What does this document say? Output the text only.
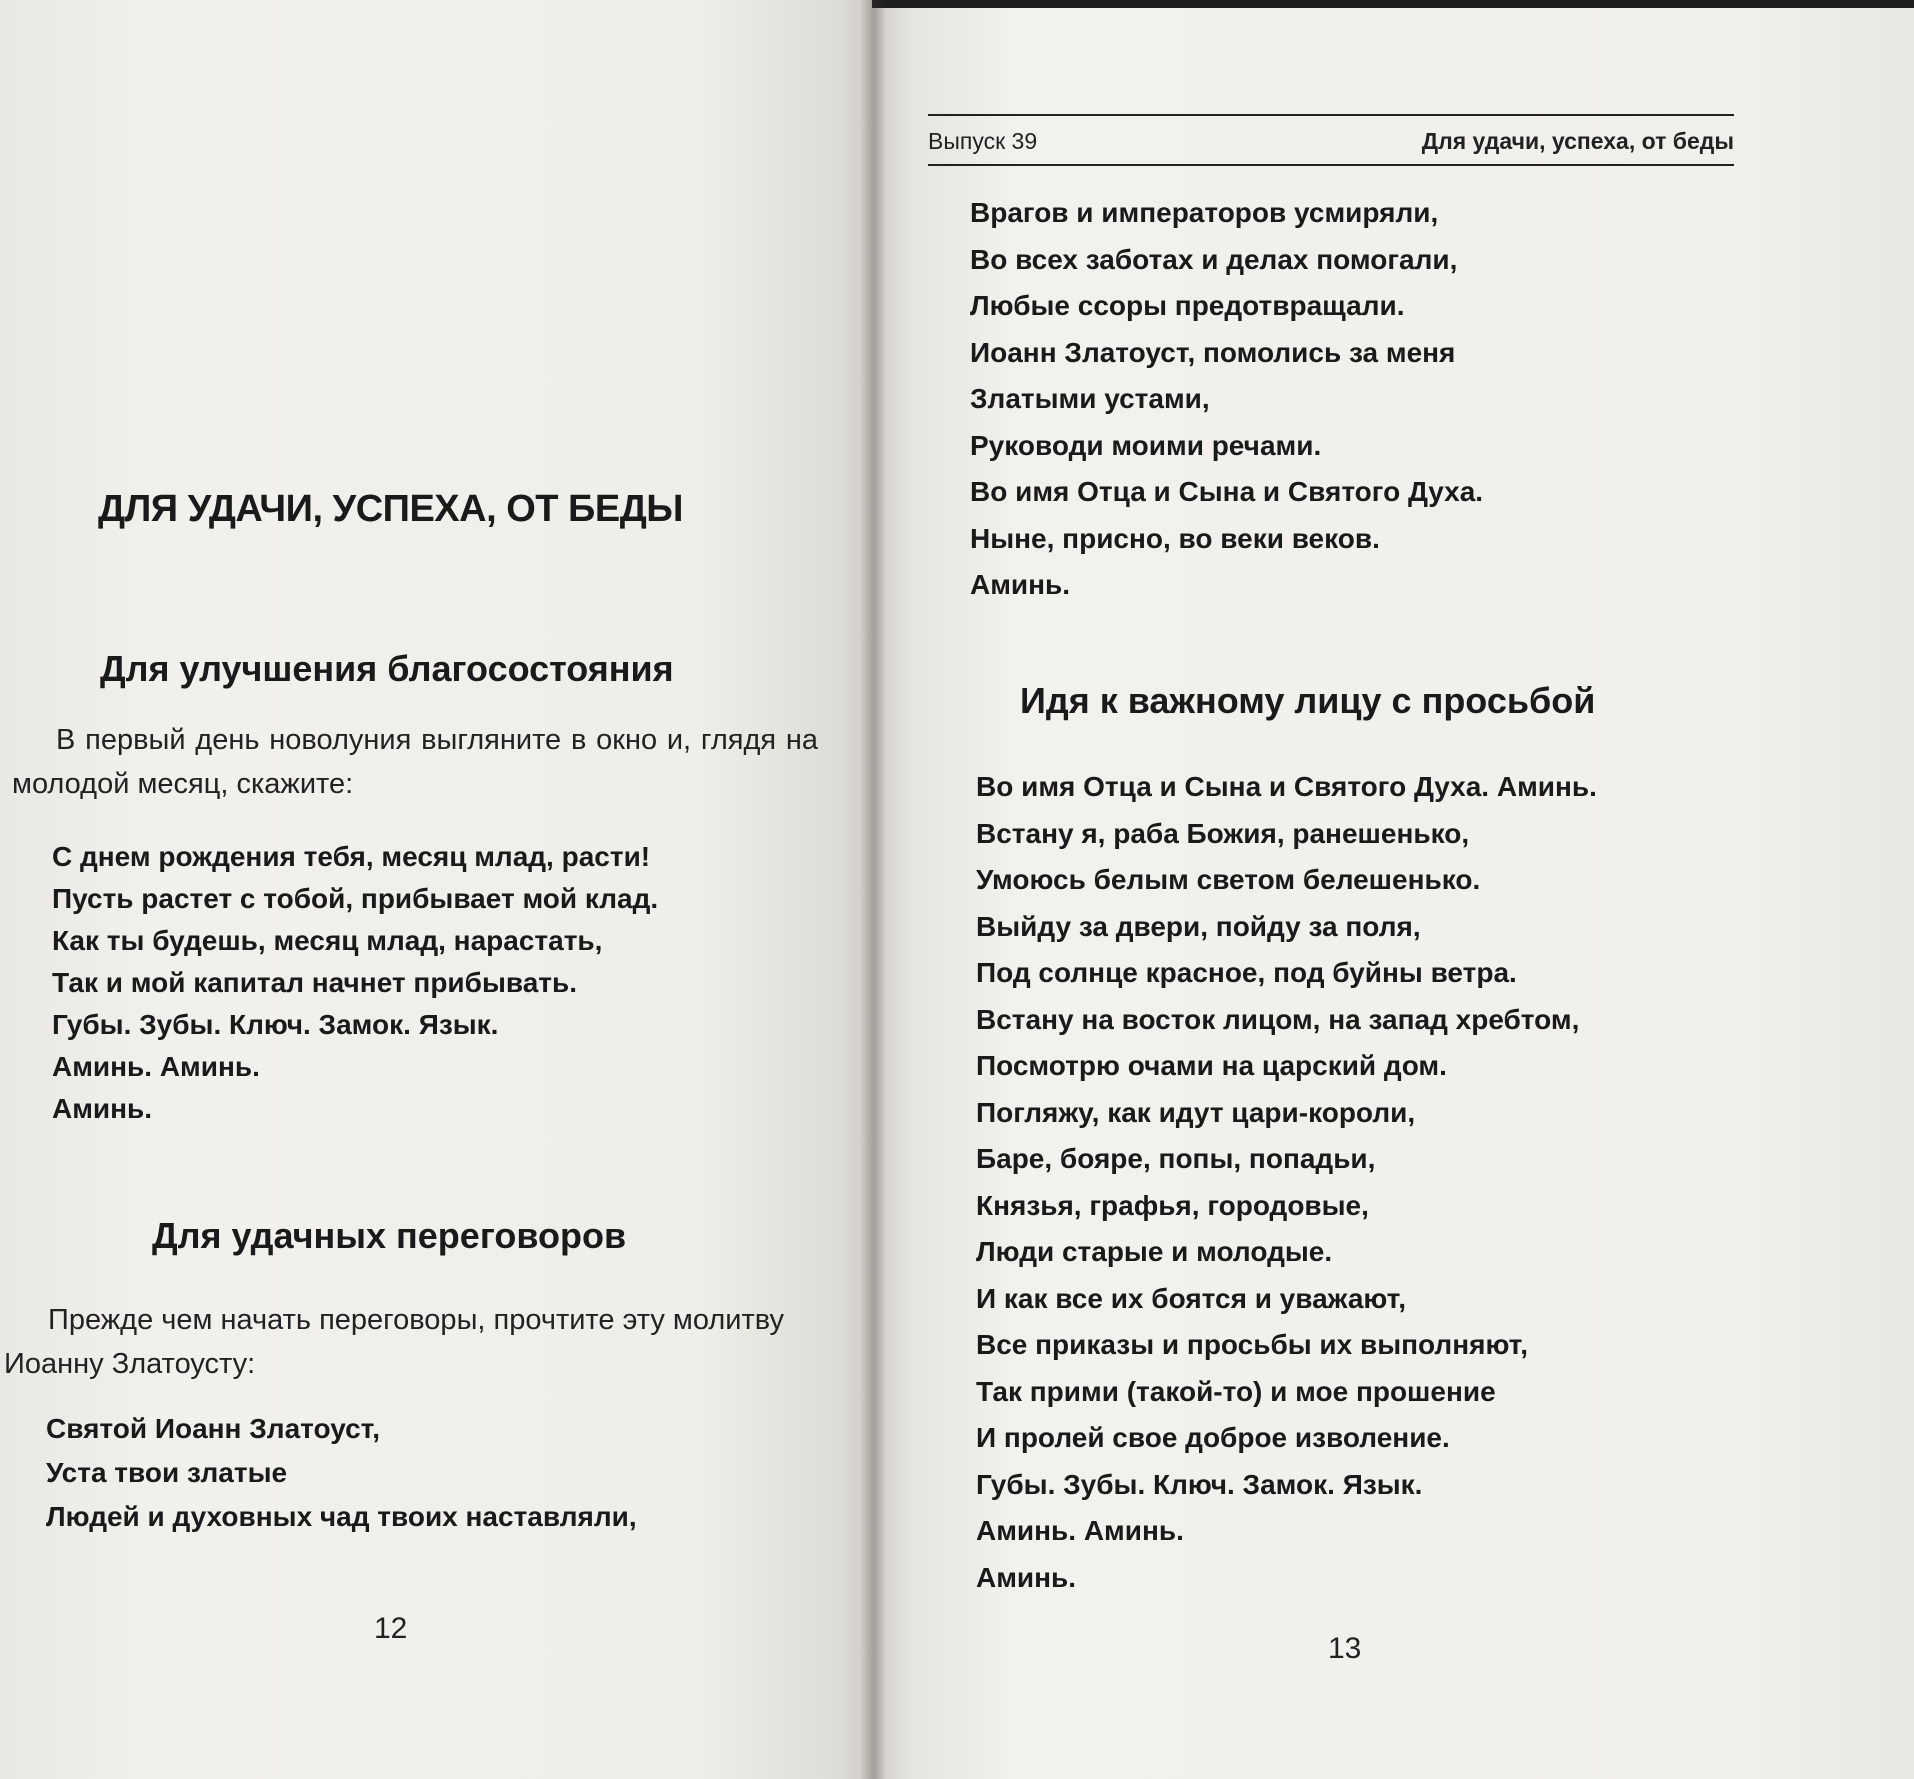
ДЛЯ УДАЧИ, УСПЕХА, ОТ БЕДЫ
Для улучшения благосостояния

В первый день новолуния выгляните в окно и, глядя на молодой месяц, скажите:

С днем рождения тебя, месяц млад, расти!
Пусть растет с тобой, прибывает мой клад.
Как ты будешь, месяц млад, нарастать,
Так и мой капитал начнет прибывать.
Губы. Зубы. Ключ. Замок. Язык.
Аминь. Аминь.
Аминь.
Для удачных переговоров

Прежде чем начать переговоры, прочтите эту молитву Иоанну Златоусту:

Святой Иоанн Златоуст,
Уста твои златые
Людей и духовных чад твоих наставляли,
12
Выпуск 39	Для удачи, успеха, от беды
Врагов и императоров усмиряли,
Во всех заботах и делах помогали,
Любые ссоры предотвращали.
Иоанн Златоуст, помолись за меня
Златыми устами,
Руководи моими речами.
Во имя Отца и Сына и Святого Духа.
Ныне, присно, во веки веков.
Аминь.
Идя к важному лицу с просьбой
Во имя Отца и Сына и Святого Духа. Аминь.
Встану я, раба Божия, ранешенько,
Умоюсь белым светом белешенько.
Выйду за двери, пойду за поля,
Под солнце красное, под буйны ветра.
Встану на восток лицом, на запад хребтом,
Посмотрю очами на царский дом.
Погляжу, как идут цари-короли,
Баре, бояре, попы, попадьи,
Князья, графья, городовые,
Люди старые и молодые.
И как все их боятся и уважают,
Все приказы и просьбы их выполняют,
Так прими (такой-то) и мое прошение
И пролей свое доброе изволение.
Губы. Зубы. Ключ. Замок. Язык.
Аминь. Аминь.
Аминь.
13
